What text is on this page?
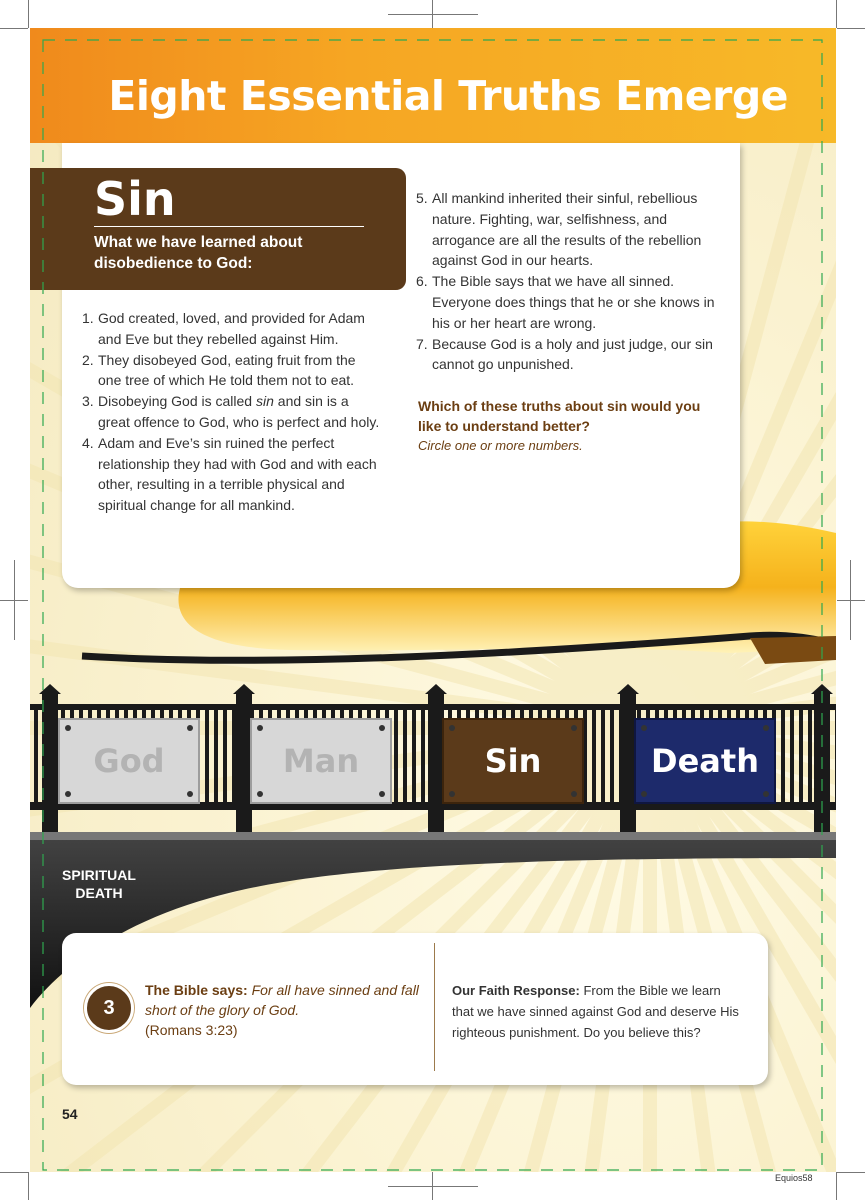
Eight Essential Truths Emerge
Sin
What we have learned about disobedience to God:
1. God created, loved, and provided for Adam and Eve but they rebelled against Him.
2. They disobeyed God, eating fruit from the one tree of which He told them not to eat.
3. Disobeying God is called sin and sin is a great offence to God, who is perfect and holy.
4. Adam and Eve’s sin ruined the perfect relationship they had with God and with each other, resulting in a terrible physical and spiritual change for all mankind.
5. All mankind inherited their sinful, rebellious nature. Fighting, war, selfishness, and arrogance are all the results of the rebellion against God in our hearts.
6. The Bible says that we have all sinned. Everyone does things that he or she knows in his or her heart are wrong.
7. Because God is a holy and just judge, our sin cannot go unpunished.
Which of these truths about sin would you like to understand better?
Circle one or more numbers.
God	Man	Sin	Death
SPIRITUAL
DEATH
3
The Bible says: For all have sinned and fall short of the glory of God.
(Romans 3:23)
Our Faith Response: From the Bible we learn that we have sinned against God and deserve His righteous punishment. Do you believe this?
54
Equios58
